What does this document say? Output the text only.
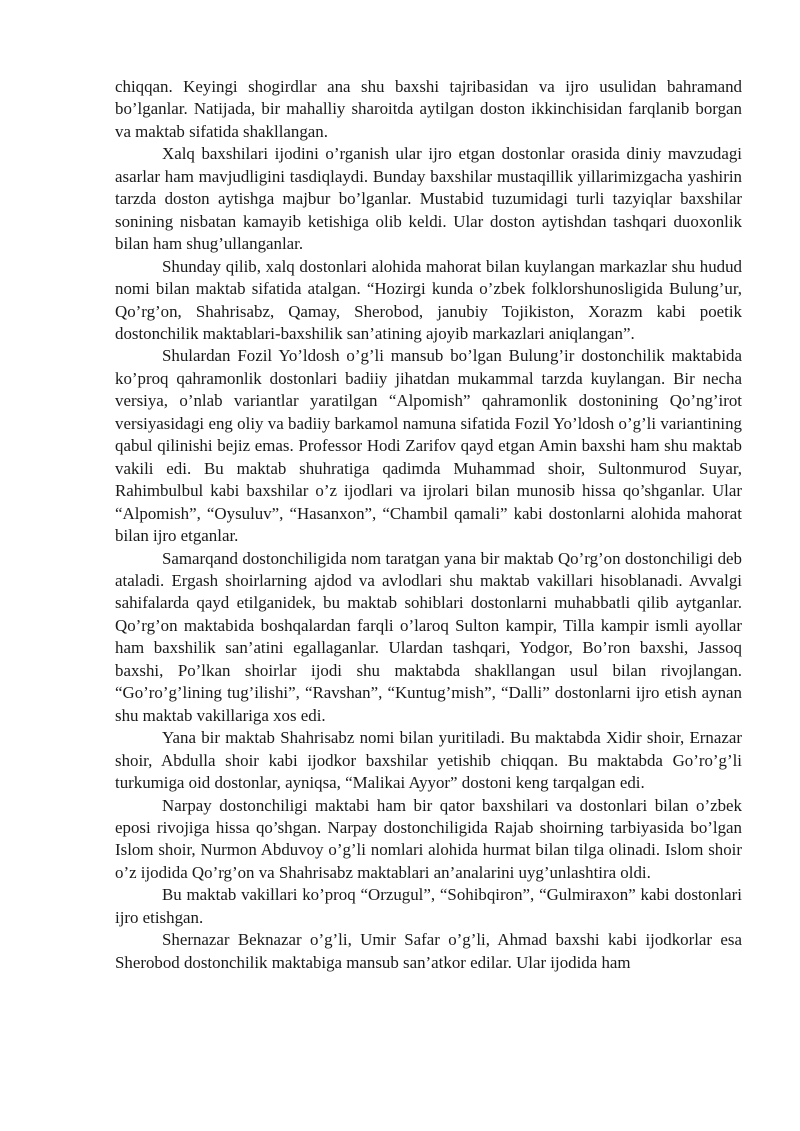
chiqqan. Keyingi shogirdlar ana shu baxshi tajribasidan va ijro usulidan bahramand bo’lganlar. Natijada, bir mahalliy sharoitda aytilgan doston ikkinchisidan farqlanib borgan va maktab sifatida shakllangan.

Xalq baxshilari ijodini o’rganish ular ijro etgan dostonlar orasida diniy mavzudagi asarlar ham mavjudligini tasdiqlaydi. Bunday baxshilar mustaqillik yillarimizgacha yashirin tarzda doston aytishga majbur bo’lganlar. Mustabid tuzumidagi turli tazyiqlar baxshilar sonining nisbatan kamayib ketishiga olib keldi. Ular doston aytishdan tashqari duoxonlik bilan ham shug’ullanganlar.

Shunday qilib, xalq dostonlari alohida mahorat bilan kuylangan markazlar shu hudud nomi bilan maktab sifatida atalgan. “Hozirgi kunda o’zbek folklorshunosligida Bulung’ur, Qo’rg’on, Shahrisabz, Qamay, Sherobod, janubiy Tojikiston, Xorazm kabi poetik dostonchilik maktablari-baxshilik san’atining ajoyib markazlari aniqlangan”.

Shulardan Fozil Yo’ldosh o’g’li mansub bo’lgan Bulung’ir dostonchilik maktabida ko’proq qahramonlik dostonlari badiiy jihatdan mukammal tarzda kuylangan. Bir necha versiya, o’nlab variantlar yaratilgan “Alpomish” qahramonlik dostonining Qo’ng’irot versiyasidagi eng oliy va badiiy barkamol namuna sifatida Fozil Yo’ldosh o’g’li variantining qabul qilinishi bejiz emas. Professor Hodi Zarifov qayd etgan Amin baxshi ham shu maktab vakili edi. Bu maktab shuhratiga qadimda Muhammad shoir, Sultonmurod Suyar, Rahimbulbul kabi baxshilar o’z ijodlari va ijrolari bilan munosib hissa qo’shganlar. Ular “Alpomish”, “Oysuluv”, “Hasanxon”, “Chambil qamali” kabi dostonlarni alohida mahorat bilan ijro etganlar.

Samarqand dostonchiligida nom taratgan yana bir maktab Qo’rg’on dostonchiligi deb ataladi. Ergash shoirlarning ajdod va avlodlari shu maktab vakillari hisoblanadi. Avvalgi sahifalarda qayd etilganidek, bu maktab sohiblari dostonlarni muhabbatli qilib aytganlar. Qo’rg’on maktabida boshqalardan farqli o’laroq Sulton kampir, Tilla kampir ismli ayollar ham baxshilik san’atini egallaganlar. Ulardan tashqari, Yodgor, Bo’ron baxshi, Jassoq baxshi, Po’lkan shoirlar ijodi shu maktabda shakllangan usul bilan rivojlangan. “Go’ro’g’lining tug’ilishi”, “Ravshan”, “Kuntug’mish”, “Dalli” dostonlarni ijro etish aynan shu maktab vakillariga xos edi.

Yana bir maktab Shahrisabz nomi bilan yuritiladi. Bu maktabda Xidir shoir, Ernazar shoir, Abdulla shoir kabi ijodkor baxshilar yetishib chiqqan. Bu maktabda Go’ro’g’li turkumiga oid dostonlar, ayniqsa, “Malikai Ayyor” dostoni keng tarqalgan edi.

Narpay dostonchiligi maktabi ham bir qator baxshilari va dostonlari bilan o’zbek eposi rivojiga hissa qo’shgan. Narpay dostonchiligida Rajab shoirning tarbiyasida bo’lgan Islom shoir, Nurmon Abduvoy o’g’li nomlari alohida hurmat bilan tilga olinadi. Islom shoir o’z ijodida Qo’rg’on va Shahrisabz maktablari an’analarini uyg’unlashtira oldi.

Bu maktab vakillari ko’proq “Orzugul”, “Sohibqiron”, “Gulmiraxon” kabi dostonlari ijro etishgan.

Shernazar Beknazar o’g’li, Umir Safar o’g’li, Ahmad baxshi kabi ijodkorlar esa Sherobod dostonchilik maktabiga mansub san’atkor edilar. Ular ijodida ham
